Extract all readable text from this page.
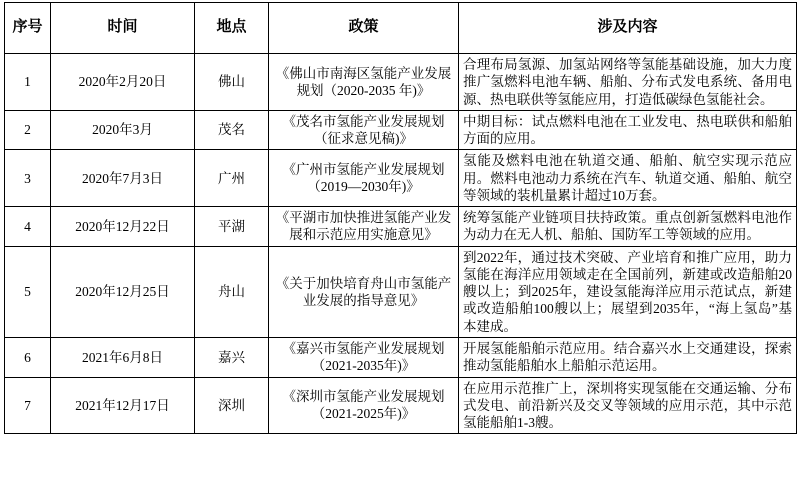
序号	时间	地点	政策	涉及内容
1	2020年2月20日	佛山	《佛山市南海区氢能产业发展规划（2020-2035 年)》	合理布局氢源、加氢站网络等氢能基础设施，加大力度推广氢燃料电池车辆、船舶、分布式发电系统、备用电源、热电联供等氢能应用，打造低碳绿色氢能社会。
2	2020年3月	茂名	《茂名市氢能产业发展规划（征求意见稿)》	中期目标：试点燃料电池在工业发电、热电联供和船舶方面的应用。
3	2020年7月3日	广州	《广州市氢能产业发展规划（2019—2030年)》	氢能及燃料电池在轨道交通、船舶、航空实现示范应用。燃料电池动力系统在汽车、轨道交通、船舶、航空等领域的装机量累计超过10万套。
4	2020年12月22日	平湖	《平湖市加快推进氢能产业发展和示范应用实施意见》	统筹氢能产业链项目扶持政策。重点创新氢燃料电池作为动力在无人机、船舶、国防军工等领域的应用。
5	2020年12月25日	舟山	《关于加快培育舟山市氢能产业发展的指导意见》	到2022年，通过技术突破、产业培育和推广应用，助力氢能在海洋应用领域走在全国前列，新建或改造船舶20艘以上；到2025年，建设氢能海洋应用示范试点，新建或改造船舶100艘以上；展望到2035年，“海上氢岛”基本建成。
6	2021年6月8日	嘉兴	《嘉兴市氢能产业发展规划（2021-2035年)》	开展氢能船舶示范应用。结合嘉兴水上交通建设，探索推动氢能船舶水上船舶示范运用。
7	2021年12月17日	深圳	《深圳市氢能产业发展规划（2021-2025年)》	在应用示范推广上，深圳将实现氢能在交通运输、分布式发电、前沿新兴及交叉等领域的应用示范，其中示范氢能船舶1-3艘。
